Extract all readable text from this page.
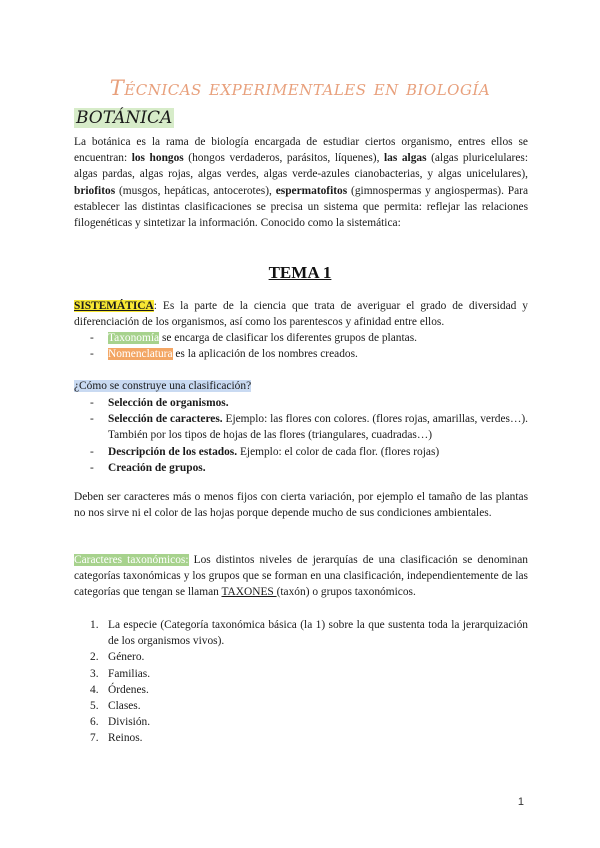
Técnicas experimentales en biología
BOTÁNICA

La botánica es la rama de biología encargada de estudiar ciertos organismo, entres ellos se encuentran: los hongos (hongos verdaderos, parásitos, líquenes), las algas (algas pluricelulares: algas pardas, algas rojas, algas verdes, algas verde-azules cianobacterias, y algas unicelulares), briofitos (musgos, hepáticas, antocerotes), espermatofitos (gimnospermas y angiospermas). Para establecer las distintas clasificaciones se precisa un sistema que permita: reflejar las relaciones filogenéticas y sintetizar la información. Conocido como la sistemática:

TEMA 1

SISTEMÁTICA: Es la parte de la ciencia que trata de averiguar el grado de diversidad y diferenciación de los organismos, así como los parentescos y afinidad entre ellos.

- Taxonomía se encarga de clasificar los diferentes grupos de plantas.
- Nomenclatura es la aplicación de los nombres creados.

¿Cómo se construye una clasificación?

- Selección de organismos.
- Selección de caracteres. Ejemplo: las flores con colores. (flores rojas, amarillas, verdes…). También por los tipos de hojas de las flores (triangulares, cuadradas…)
- Descripción de los estados. Ejemplo: el color de cada flor. (flores rojas)
- Creación de grupos.

Deben ser caracteres más o menos fijos con cierta variación, por ejemplo el tamaño de las plantas no nos sirve ni el color de las hojas porque depende mucho de sus condiciones ambientales.

Caracteres taxonómicos: Los distintos niveles de jerarquías de una clasificación se denominan categorías taxonómicas y los grupos que se forman en una clasificación, independientemente de las categorías que tengan se llaman TAXONES (taxón) o grupos taxonómicos.

1. La especie (Categoría taxonómica básica (la 1) sobre la que sustenta toda la jerarquización de los organismos vivos).
2. Género.
3. Familias.
4. Órdenes.
5. Clases.
6. División.
7. Reinos.
1
